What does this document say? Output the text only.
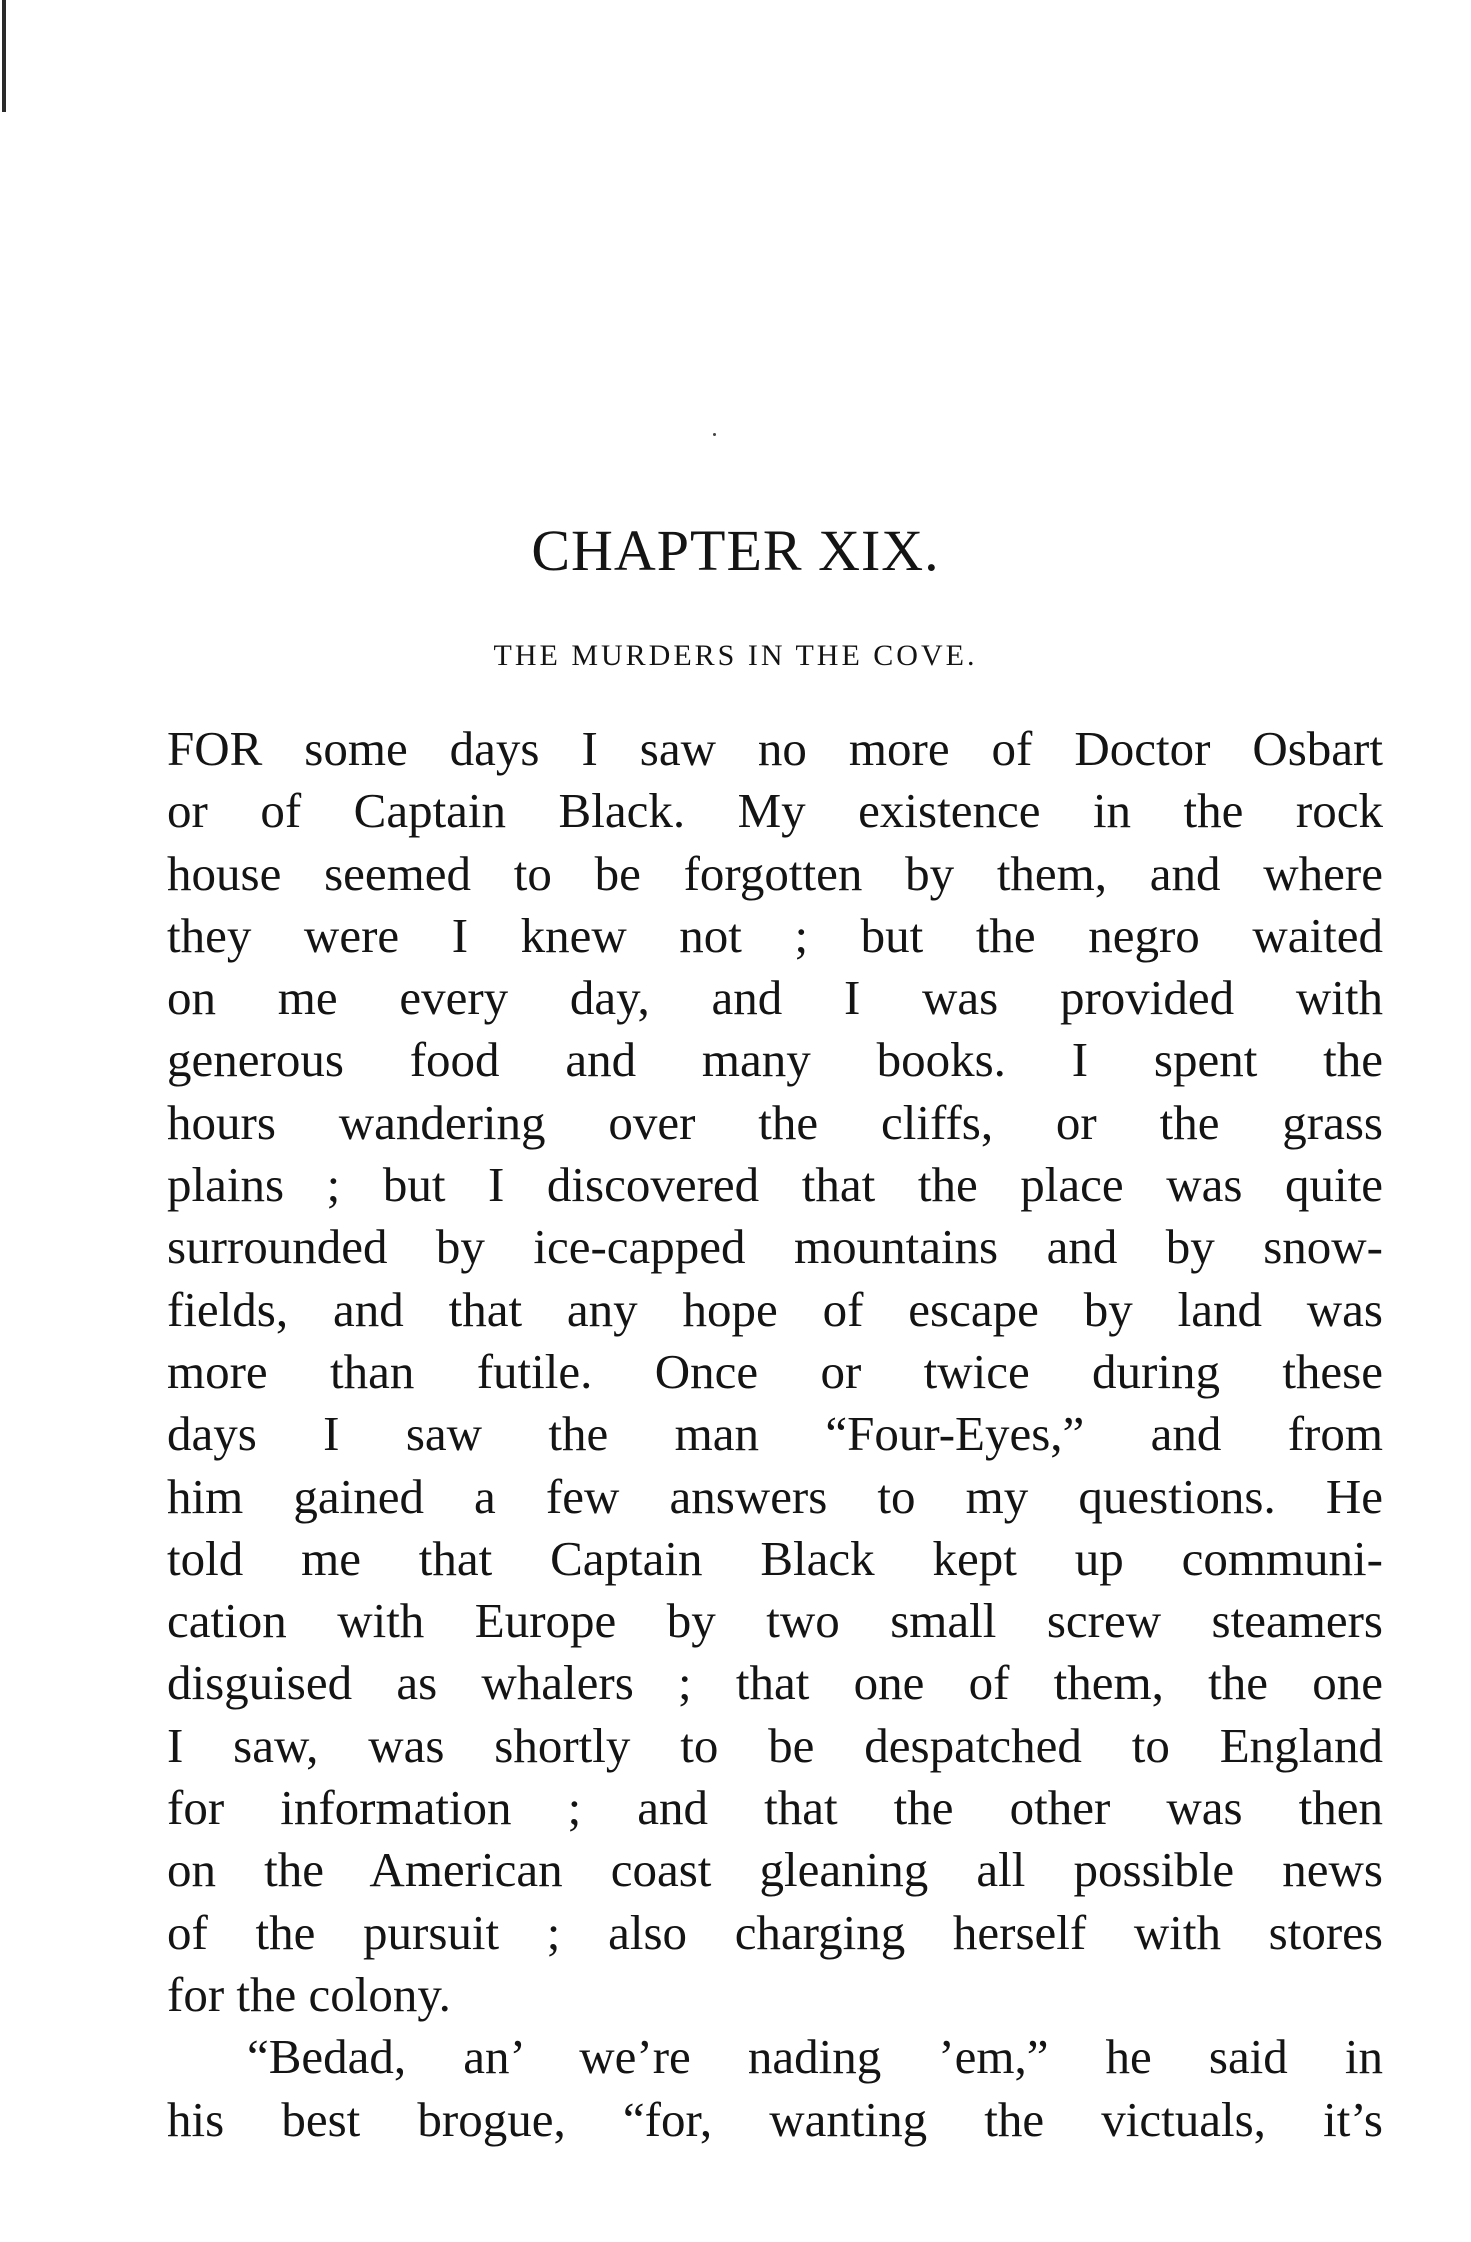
CHAPTER XIX.
THE MURDERS IN THE COVE.
FOR some days I saw no more of Doctor Osbart
or of Captain Black. My existence in the rock
house seemed to be forgotten by them, and where
they were I knew not ; but the negro waited
on me every day, and I was provided with
generous food and many books. I spent the
hours wandering over the cliffs, or the grass
plains ; but I discovered that the place was quite
surrounded by ice-capped mountains and by snow-
fields, and that any hope of escape by land was
more than futile. Once or twice during these
days I saw the man “Four-Eyes,” and from
him gained a few answers to my questions. He
told me that Captain Black kept up communi-
cation with Europe by two small screw steamers
disguised as whalers ; that one of them, the one
I saw, was shortly to be despatched to England
for information ; and that the other was then
on the American coast gleaning all possible news
of the pursuit ; also charging herself with stores
for the colony.
“Bedad, an’ we’re nading ’em,” he said in
his best brogue, “for, wanting the victuals, it’s
